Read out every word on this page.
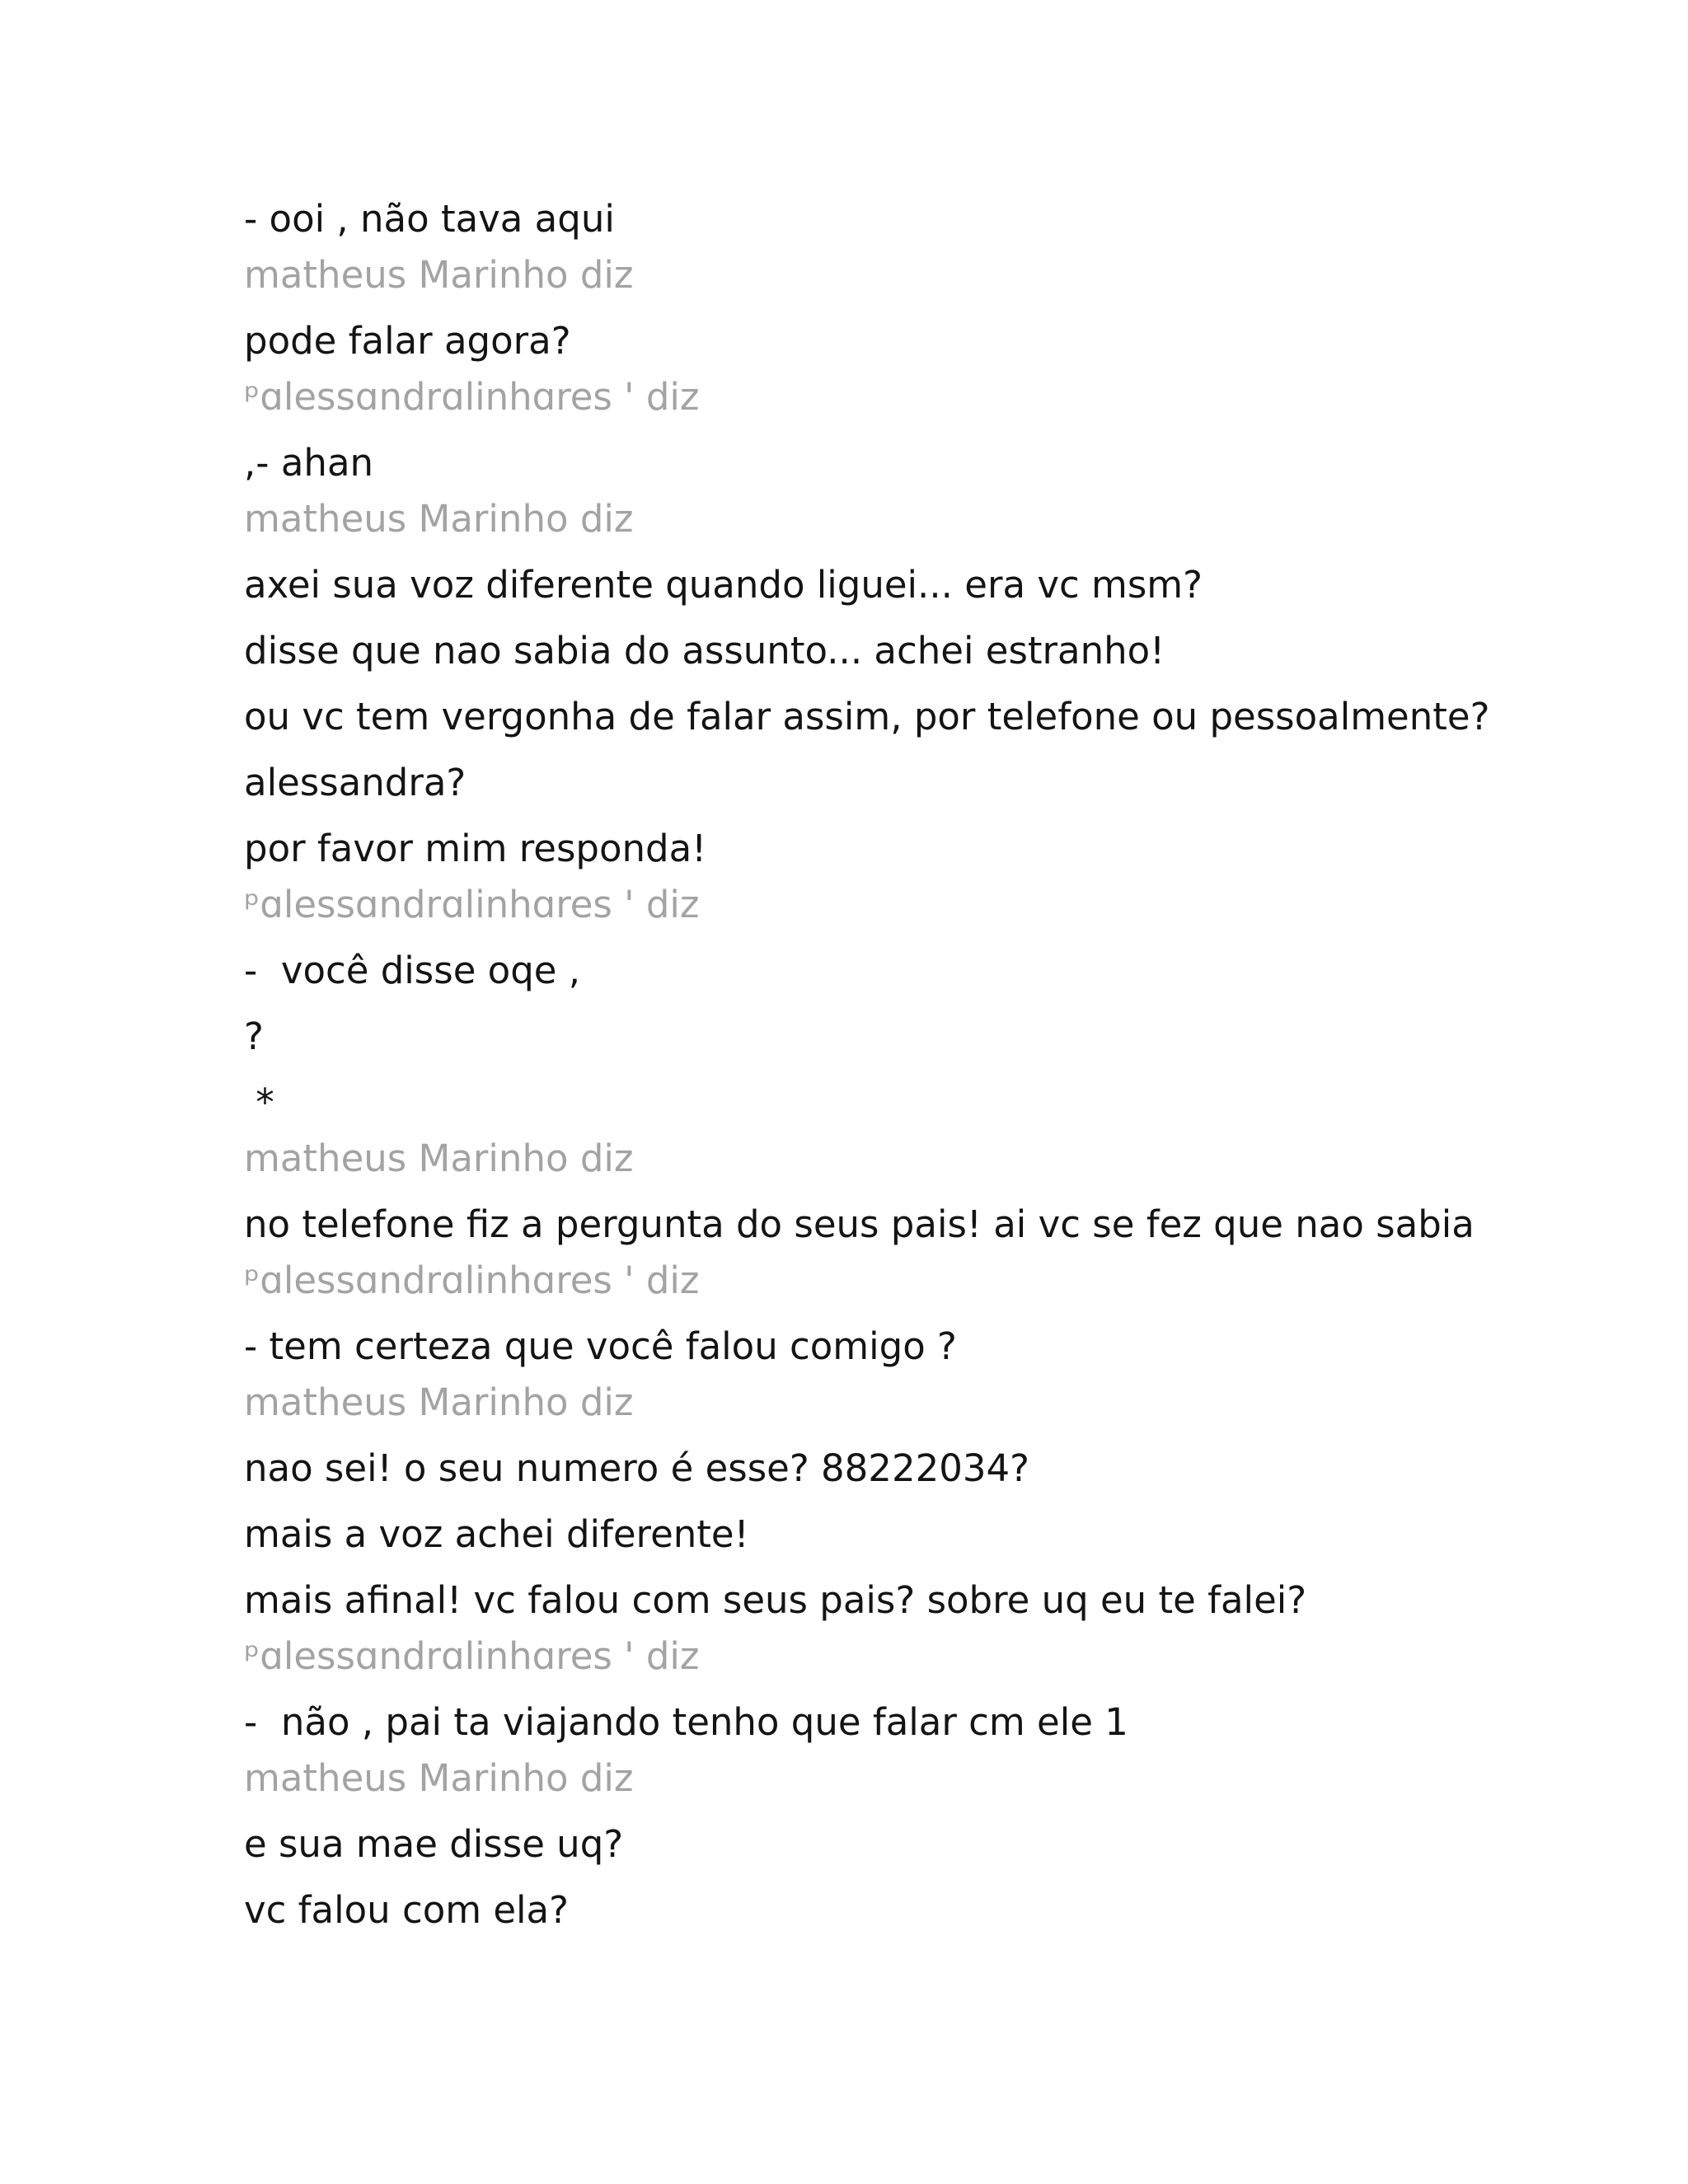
- ooi , não tava aqui
matheus Marinho diz
pode falar agora?
ᵖɑlessɑndrɑlinhɑres ' diz
,- ahan
matheus Marinho diz
axei sua voz diferente quando liguei... era vc msm?
disse que nao sabia do assunto... achei estranho!
ou vc tem vergonha de falar assim, por telefone ou pessoalmente?
alessandra?
por favor mim responda!
ᵖɑlessɑndrɑlinhɑres ' diz
-  você disse oqe ,
?
*
matheus Marinho diz
no telefone fiz a pergunta do seus pais! ai vc se fez que nao sabia
ᵖɑlessɑndrɑlinhɑres ' diz
- tem certeza que você falou comigo ?
matheus Marinho diz
nao sei! o seu numero é esse? 88222034?
mais a voz achei diferente!
mais afinal! vc falou com seus pais? sobre uq eu te falei?
ᵖɑlessɑndrɑlinhɑres ' diz
-  não , pai ta viajando tenho que falar cm ele 1
matheus Marinho diz
e sua mae disse uq?
vc falou com ela?
